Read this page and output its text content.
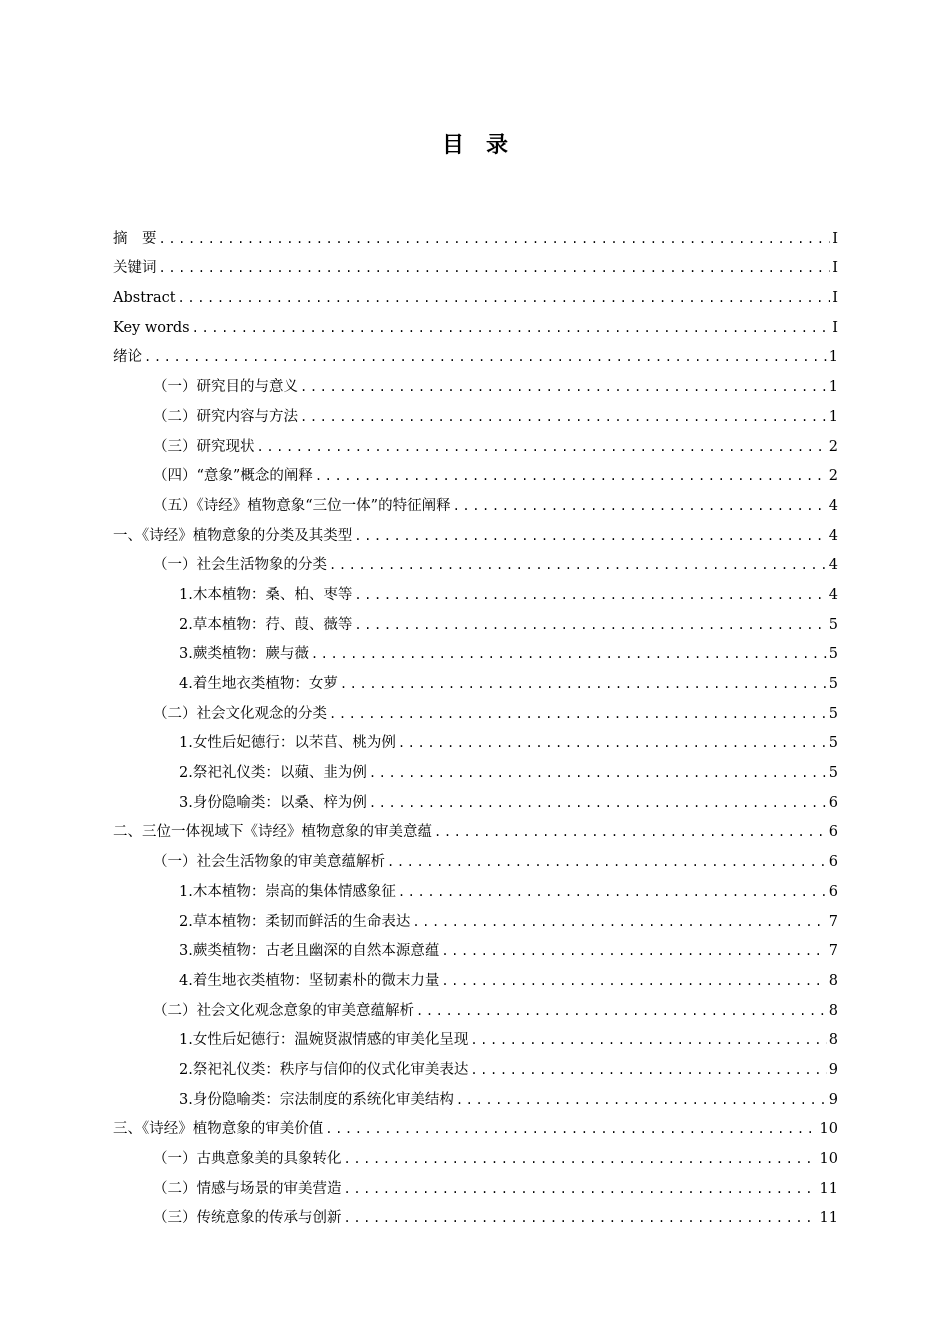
目　录
摘　要 .....	I
关键词 .....	I
Abstract .....	I
Key words .....	I
绪论 .....	1
（一）研究目的与意义 .....	1
（二）研究内容与方法 .....	1
（三）研究现状 .....	2
（四）“意象”概念的阐释 .....	2
（五）《诗经》植物意象“三位一体”的特征阐释 .....	4
一、《诗经》植物意象的分类及其类型 .....	4
（一）社会生活物象的分类 .....	4
1.木本植物：桑、柏、枣等 .....	4
2.草本植物：荇、葭、薇等 .....	5
3.蕨类植物：蕨与薇 .....	5
4.着生地衣类植物：女萝 .....	5
（二）社会文化观念的分类 .....	5
1.女性后妃德行：以芣苢、桃为例 .....	5
2.祭祀礼仪类：以蘋、韭为例 .....	5
3.身份隐喻类：以桑、梓为例 .....	6
二、三位一体视域下《诗经》植物意象的审美意蕴 .....	6
（一）社会生活物象的审美意蕴解析 .....	6
1.木本植物：崇高的集体情感象征 .....	6
2.草本植物：柔韧而鲜活的生命表达 .....	7
3.蕨类植物：古老且幽深的自然本源意蕴 .....	7
4.着生地衣类植物：坚韧素朴的微末力量 .....	8
（二）社会文化观念意象的审美意蕴解析 .....	8
1.女性后妃德行：温婉贤淑情感的审美化呈现 .....	8
2.祭祀礼仪类：秩序与信仰的仪式化审美表达 .....	9
3.身份隐喻类：宗法制度的系统化审美结构 .....	9
三、《诗经》植物意象的审美价值 .....	10
（一）古典意象美的具象转化 .....	10
（二）情感与场景的审美营造 .....	11
（三）传统意象的传承与创新 .....	11
